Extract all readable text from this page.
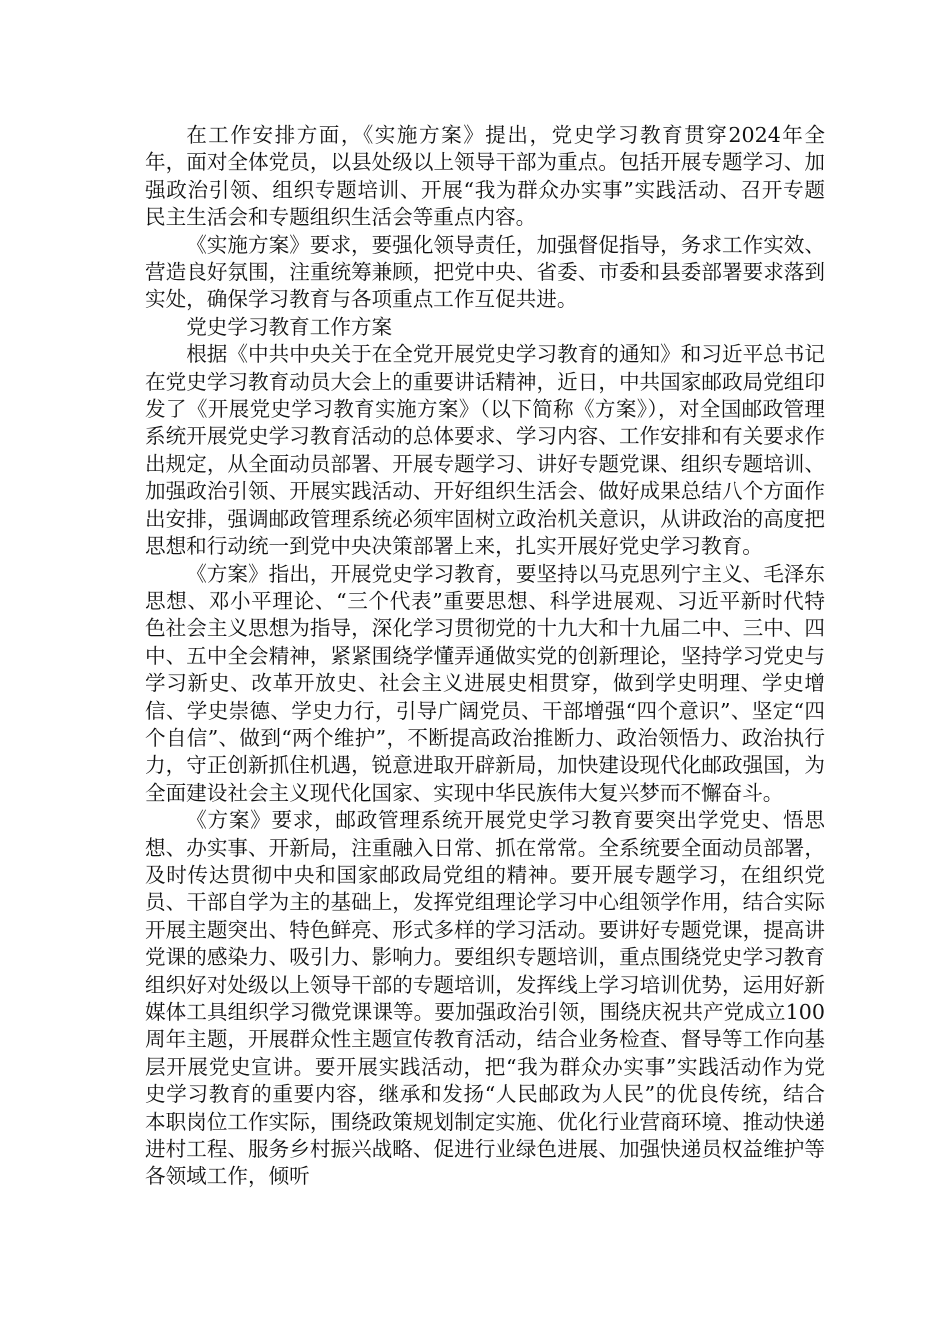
在工作安排方面，《实施方案》提出，党史学习教育贯穿2024年全年，面对全体党员，以县处级以上领导干部为重点。包括开展专题学习、加强政治引领、组织专题培训、开展“我为群众办实事”实践活动、召开专题民主生活会和专题组织生活会等重点内容。

《实施方案》要求，要强化领导责任，加强督促指导，务求工作实效、营造良好氛围，注重统筹兼顾，把党中央、省委、市委和县委部署要求落到实处，确保学习教育与各项重点工作互促共进。

党史学习教育工作方案

根据《中共中央关于在全党开展党史学习教育的通知》和习近平总书记在党史学习教育动员大会上的重要讲话精神，近日，中共国家邮政局党组印发了《开展党史学习教育实施方案》（以下简称《方案》），对全国邮政管理系统开展党史学习教育活动的总体要求、学习内容、工作安排和有关要求作出规定，从全面动员部署、开展专题学习、讲好专题党课、组织专题培训、加强政治引领、开展实践活动、开好组织生活会、做好成果总结八个方面作出安排，强调邮政管理系统必须牢固树立政治机关意识，从讲政治的高度把思想和行动统一到党中央决策部署上来，扎实开展好党史学习教育。

《方案》指出，开展党史学习教育，要坚持以马克思列宁主义、毛泽东思想、邓小平理论、“三个代表”重要思想、科学进展观、习近平新时代特色社会主义思想为指导，深化学习贯彻党的十九大和十九届二中、三中、四中、五中全会精神，紧紧围绕学懂弄通做实党的创新理论，坚持学习党史与学习新史、改革开放史、社会主义进展史相贯穿，做到学史明理、学史增信、学史崇德、学史力行，引导广阔党员、干部增强“四个意识”、坚定“四个自信”、做到“两个维护”，不断提高政治推断力、政治领悟力、政治执行力，守正创新抓住机遇，锐意进取开辟新局，加快建设现代化邮政强国，为全面建设社会主义现代化国家、实现中华民族伟大复兴梦而不懈奋斗。

《方案》要求，邮政管理系统开展党史学习教育要突出学党史、悟思想、办实事、开新局，注重融入日常、抓在常常。全系统要全面动员部署，及时传达贯彻中央和国家邮政局党组的精神。要开展专题学习，在组织党员、干部自学为主的基础上，发挥党组理论学习中心组领学作用，结合实际开展主题突出、特色鲜亮、形式多样的学习活动。要讲好专题党课，提高讲党课的感染力、吸引力、影响力。要组织专题培训，重点围绕党史学习教育组织好对处级以上领导干部的专题培训，发挥线上学习培训优势，运用好新媒体工具组织学习微党课课等。要加强政治引领，围绕庆祝共产党成立100周年主题，开展群众性主题宣传教育活动，结合业务检查、督导等工作向基层开展党史宣讲。要开展实践活动，把“我为群众办实事”实践活动作为党史学习教育的重要内容，继承和发扬“人民邮政为人民”的优良传统，结合本职岗位工作实际，围绕政策规划制定实施、优化行业营商环境、推动快递进村工程、服务乡村振兴战略、促进行业绿色进展、加强快递员权益维护等各领域工作，倾听
